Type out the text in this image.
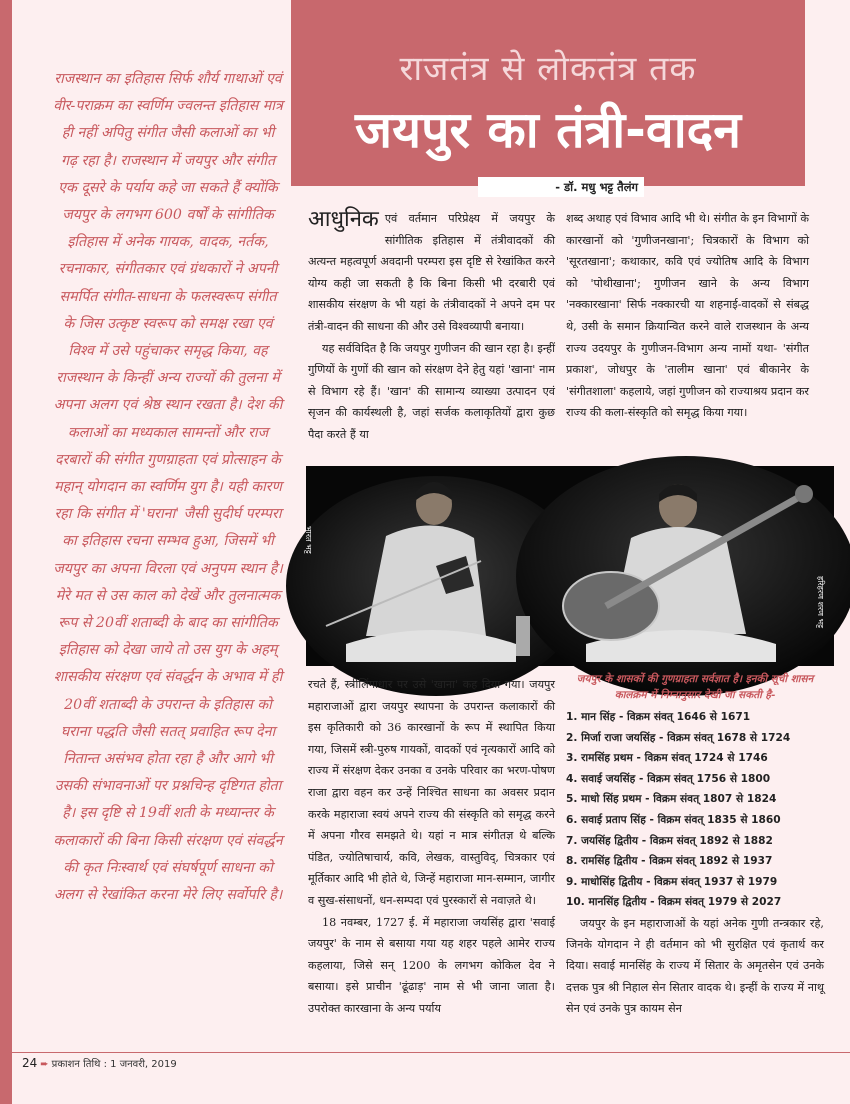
राजस्थान का इतिहास सिर्फ शौर्य गाथाओं एवं वीर-पराक्रम का स्वर्णिम ज्वलन्त इतिहास मात्र ही नहीं अपितु संगीत जैसी कलाओं का भी गढ़ रहा है। राजस्थान में जयपुर और संगीत एक दूसरे के पर्याय कहे जा सकते हैं क्योंकि जयपुर के लगभग 600 वर्षों के सांगीतिक इतिहास में अनेक गायक, वादक, नर्तक, रचनाकार, संगीतकार एवं ग्रंथकारों ने अपनी समर्पित संगीत-साधना के फलस्वरूप संगीत के जिस उत्कृष्ट स्वरूप को समक्ष रखा एवं विश्व में उसे पहुंचाकर समृद्ध किया, वह राजस्थान के किन्हीं अन्य राज्यों की तुलना में अपना अलग एवं श्रेष्ठ स्थान रखता है। देश की कलाओं का मध्यकाल सामन्तों और राज दरबारों की संगीत गुणग्राहता एवं प्रोत्साहन के महान् योगदान का स्वर्णिम युग है। यही कारण रहा कि संगीत में 'घराना' जैसी सुदीर्घ परम्परा का इतिहास रचना सम्भव हुआ, जिसमें भी जयपुर का अपना विरला एवं अनुपम स्थान है। मेरे मत से उस काल को देखें और तुलनात्मक रूप से 20वीं शताब्दी के बाद का सांगीतिक इतिहास को देखा जाये तो उस युग के अहम् शासकीय संरक्षण एवं संवर्द्धन के अभाव में ही 20वीं शताब्दी के उपरान्त के इतिहास को घराना पद्धति जैसी सतत् प्रवाहित रूप देना नितान्त असंभव होता रहा है और आगे भी उसकी संभावनाओं पर प्रश्नचिन्ह दृष्टिगत होता है। इस दृष्टि से 19वीं शती के मध्यान्तर के कलाकारों की बिना किसी संरक्षण एवं संवर्द्धन की कृत निःस्वार्थ एवं संघर्षपूर्ण साधना को अलग से रेखांकित करना मेरे लिए सर्वोपरि है।
राजतंत्र से लोकतंत्र तक
जयपुर का तंत्री-वादन
- डॉ. मधु भट्ट तैलंग

आधुनिक एवं वर्तमान परिप्रेक्ष्य में जयपुर के सांगीतिक इतिहास में तंत्रीवादकों की अत्यन्त महत्वपूर्ण अवदानी परम्परा इस दृष्टि से रेखांकित करने योग्य कही जा सकती है कि बिना किसी भी दरबारी एवं शासकीय संरक्षण के भी यहां के तंत्रीवादकों ने अपने दम पर तंत्री-वादन की साधना की और उसे विश्वव्यापी बनाया।

यह सर्वविदित है कि जयपुर गुणीजन की खान रहा है। इन्हीं गुणियों के गुणों की खान को संरक्षण देने हेतु यहां 'खाना' नाम से विभाग रहे हैं। 'खान' की सामान्य व्याख्या उत्पादन एवं सृजन की कार्यस्थली है, जहां सर्जक कलाकृतियों द्वारा कुछ पैदा करते हैं या

शब्द अथाह एवं विभाव आदि भी थे। संगीत के इन विभागों के कारखानों को 'गुणीजनखाना'; चित्रकारों के विभाग को 'सूरतखाना'; कथाकार, कवि एवं ज्योतिष आदि के विभाग को 'पोथीखाना'; गुणीजन खाने के अन्य विभाग 'नक्कारखाना' सिर्फ नक्कारची या शहनाई-वादकों से संबद्ध थे, उसी के समान क्रियान्वित करने वाले राजस्थान के अन्य राज्य उदयपुर के गुणीजन-विभाग अन्य नामों यथा- 'संगीत प्रकाश', जोधपुर के 'तालीम खाना' एवं बीकानेर के 'संगीतशाला' कहलाये, जहां गुणीजन को राज्याश्रय प्रदान कर राज्य की कला-संस्कृति को समृद्ध किया गया।

भारत भट्ट
हरिहरण शरण भट्ट

रचते हैं, स्त्रीलिंगाधार पर उसे 'खाना' कह दिया गया। जयपुर महाराजाओं द्वारा जयपुर स्थापना के उपरान्त कलाकारों की इस कृतिकारी को 36 कारखानों के रूप में स्थापित किया गया, जिसमें स्त्री-पुरुष गायकों, वादकों एवं नृत्यकारों आदि को राज्य में संरक्षण देकर उनका व उनके परिवार का भरण-पोषण राजा द्वारा वहन कर उन्हें निश्चित साधना का अवसर प्रदान करके महाराजा स्वयं अपने राज्य की संस्कृति को समृद्ध करने में अपना गौरव समझते थे। यहां न मात्र संगीतज्ञ थे बल्कि पंडित, ज्योतिषाचार्य, कवि, लेखक, वास्तुविद्, चित्रकार एवं मूर्तिकार आदि भी होते थे, जिन्हें महाराजा मान-सम्मान, जागीर व सुख-संसाधनों, धन-सम्पदा एवं पुरस्कारों से नवाज़ते थे।

18 नवम्बर, 1727 ई. में महाराजा जयसिंह द्वारा 'सवाई जयपुर' के नाम से बसाया गया यह शहर पहले आमेर राज्य कहलाया, जिसे सन् 1200 के लगभग कोकिल देव ने बसाया। इसे प्राचीन 'ढूंढाड़' नाम से भी जाना जाता है। उपरोक्त कारखाना के अन्य पर्याय

जयपुर के शासकों की गुणग्राहता सर्वज्ञात है। इनकी सूची शासन कालक्रम में निम्नानुसार देखी जा सकती है-
1. मान सिंह - विक्रम संवत् 1646 से 1671
2. मिर्जा राजा जयसिंह - विक्रम संवत् 1678 से 1724
3. रामसिंह प्रथम - विक्रम संवत् 1724 से 1746
4. सवाई जयसिंह - विक्रम संवत् 1756 से 1800
5. माधो सिंह प्रथम - विक्रम संवत् 1807 से 1824
6. सवाई प्रताप सिंह - विक्रम संवत् 1835 से 1860
7. जयसिंह द्वितीय - विक्रम संवत् 1892 से 1882
8. रामसिंह द्वितीय - विक्रम संवत् 1892 से 1937
9. माधोसिंह द्वितीय - विक्रम संवत् 1937 से 1979
10. मानसिंह द्वितीय - विक्रम संवत् 1979 से 2027

जयपुर के इन महाराजाओं के यहां अनेक गुणी तन्त्रकार रहे, जिनके योगदान ने ही वर्तमान को भी सुरक्षित एवं कृतार्थ कर दिया। सवाई मानसिंह के राज्य में सितार के अमृतसेन एवं उनके दत्तक पुत्र श्री निहाल सेन सितार वादक थे। इन्हीं के राज्य में नाथू सेन एवं उनके पुत्र कायम सेन

24 ➨ प्रकाशन तिथि : 1 जनवरी, 2019
